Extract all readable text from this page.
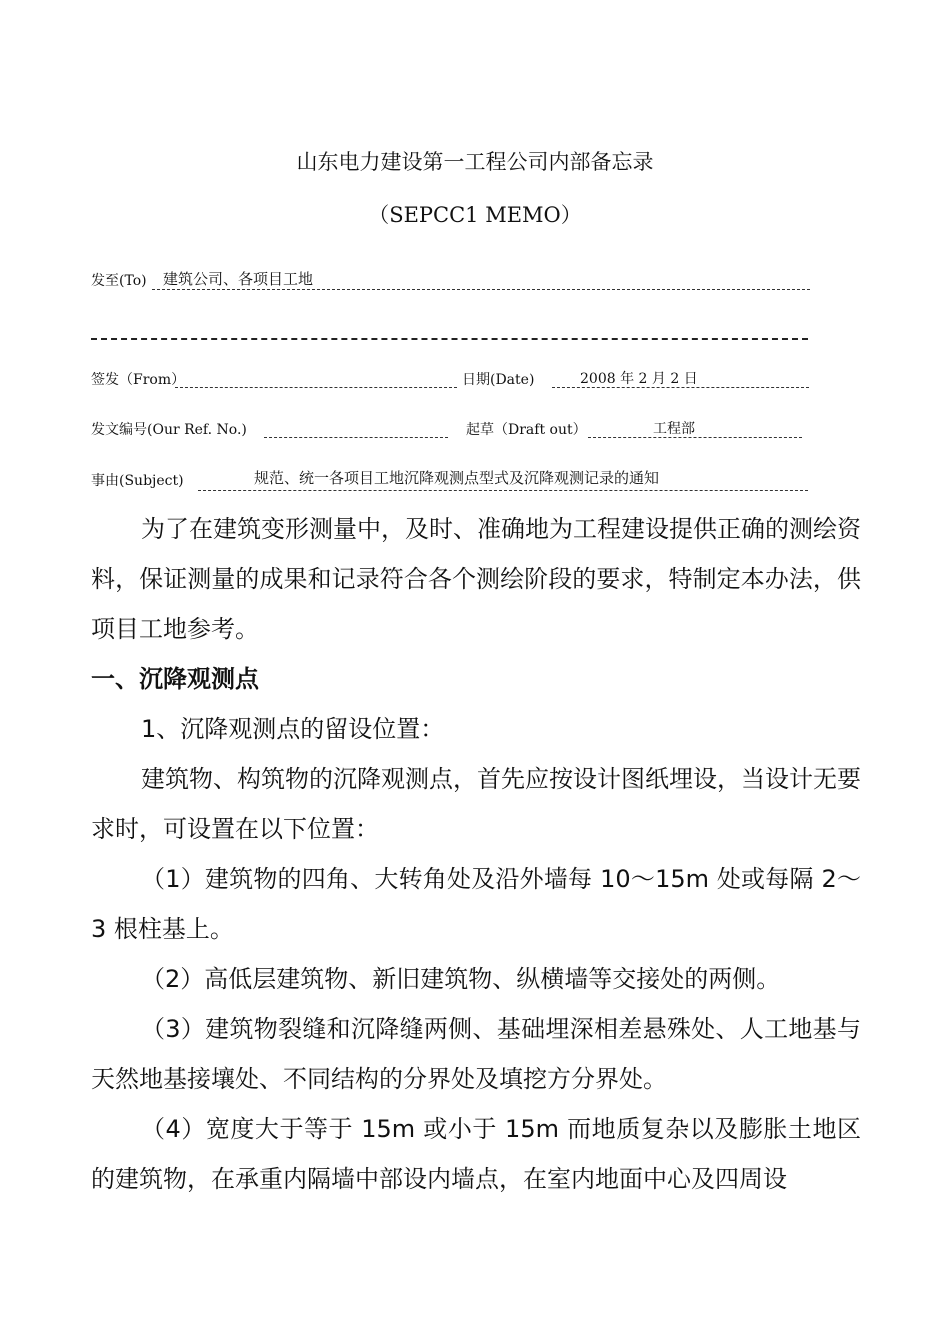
山东电力建设第一工程公司内部备忘录
（SEPCC1 MEMO）
发至(To) 建筑公司、各项目工地
签发（From）	日期(Date)	2008 年 2 月 2 日
发文编号(Our Ref. No.)	起草（Draft out）	工程部
事由(Subject)	规范、统一各项目工地沉降观测点型式及沉降观测记录的通知

为了在建筑变形测量中，及时、准确地为工程建设提供正确的测绘资料，保证测量的成果和记录符合各个测绘阶段的要求，特制定本办法，供项目工地参考。

一、沉降观测点

1、沉降观测点的留设位置：

建筑物、构筑物的沉降观测点，首先应按设计图纸埋设，当设计无要求时，可设置在以下位置：

（1）建筑物的四角、大转角处及沿外墙每 10～15m 处或每隔 2～3 根柱基上。

（2）高低层建筑物、新旧建筑物、纵横墙等交接处的两侧。

（3）建筑物裂缝和沉降缝两侧、基础埋深相差悬殊处、人工地基与天然地基接壤处、不同结构的分界处及填挖方分界处。

（4）宽度大于等于 15m 或小于 15m 而地质复杂以及膨胀土地区的建筑物，在承重内隔墙中部设内墙点，在室内地面中心及四周设
